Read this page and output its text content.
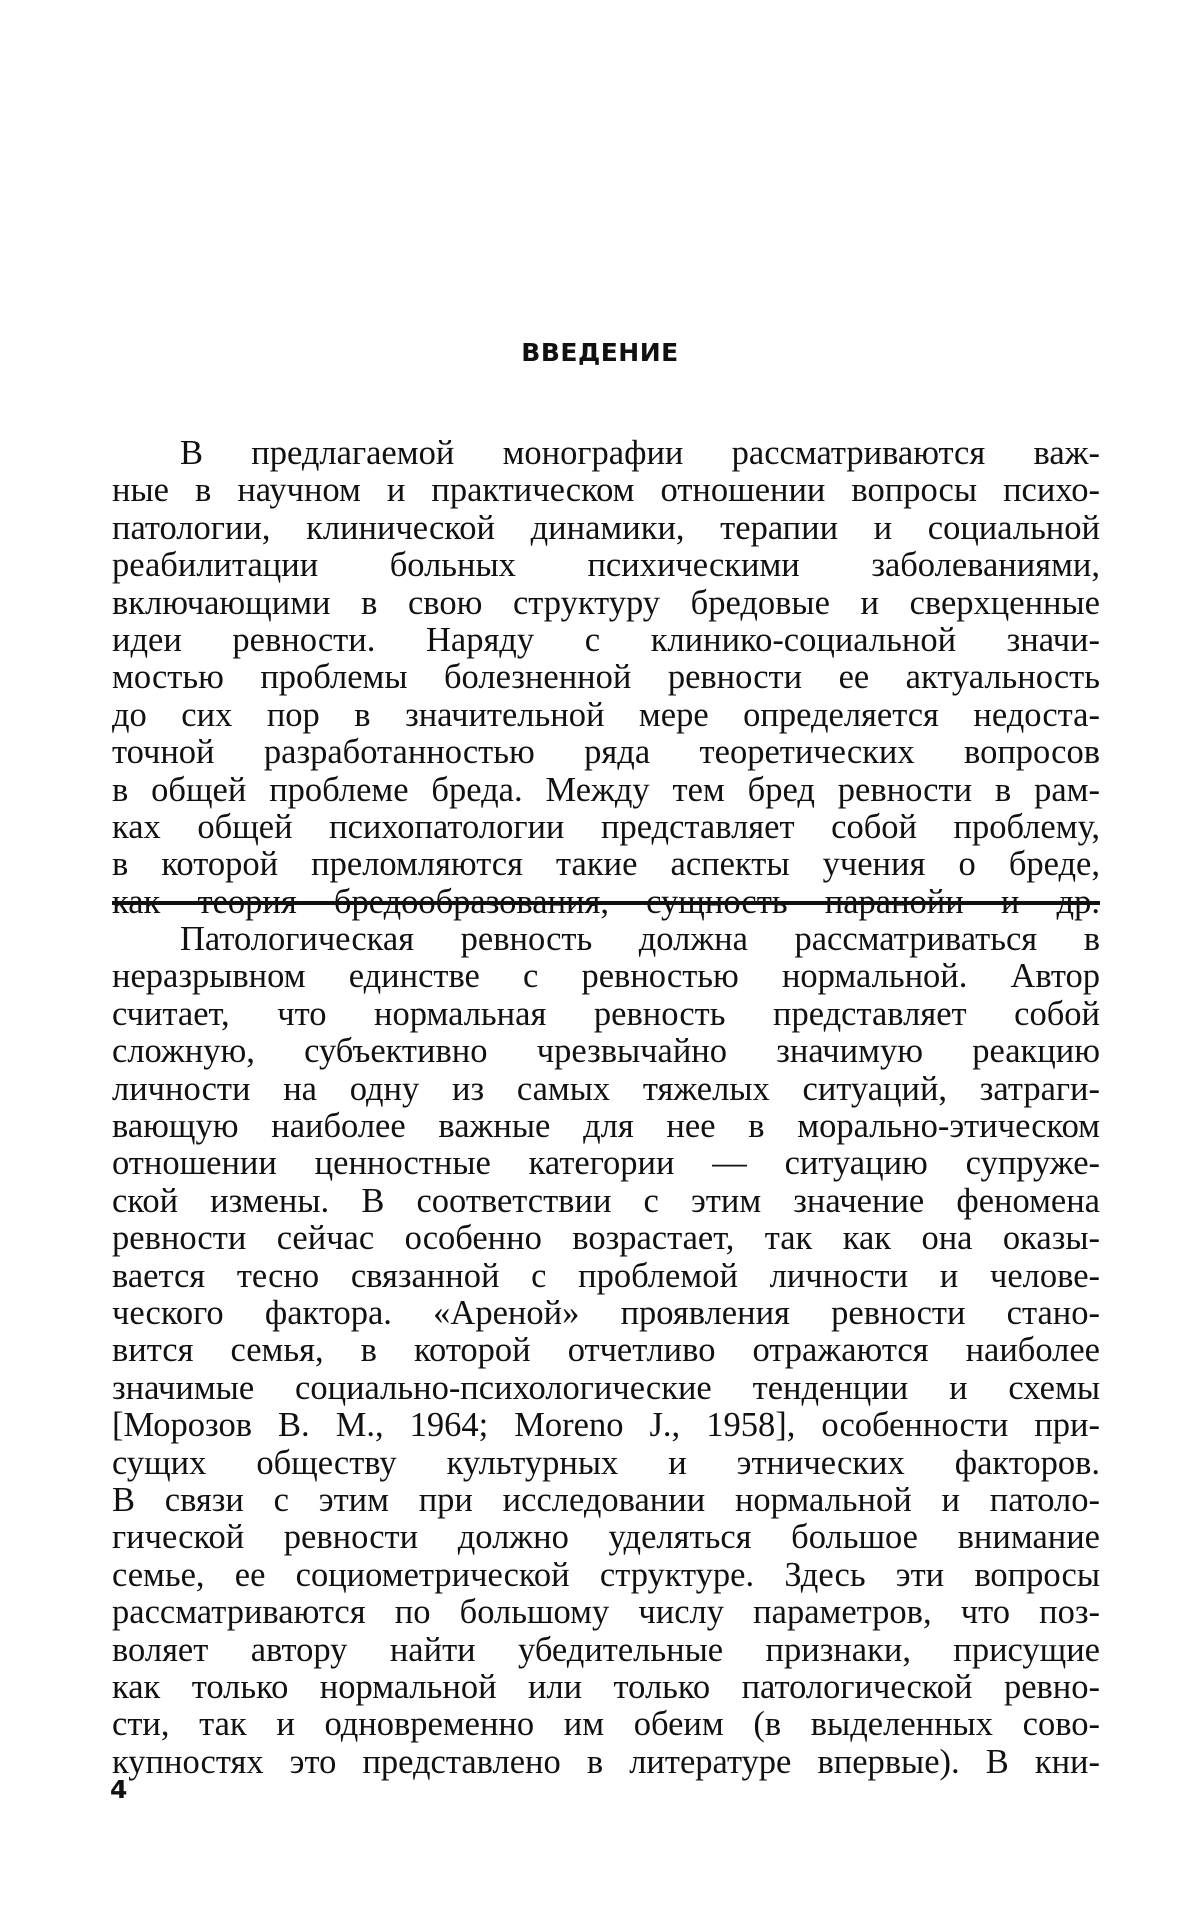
ВВЕДЕНИЕ
В предлагаемой монографии рассматриваются важ-
ные в научном и практическом отношении вопросы психо-
патологии, клинической динамики, терапии и социальной
реабилитации больных психическими заболеваниями,
включающими в свою структуру бредовые и сверхценные
идеи ревности. Наряду с клинико-социальной значи-
мостью проблемы болезненной ревности ее актуальность
до сих пор в значительной мере определяется недоста-
точной разработанностью ряда теоретических вопросов
в общей проблеме бреда. Между тем бред ревности в рам-
ках общей психопатологии представляет собой проблему,
в которой преломляются такие аспекты учения о бреде,
как теория бредообразования, сущность паранойи и др.
Патологическая ревность должна рассматриваться в
неразрывном единстве с ревностью нормальной. Автор
считает, что нормальная ревность представляет собой
сложную, субъективно чрезвычайно значимую реакцию
личности на одну из самых тяжелых ситуаций, затраги-
вающую наиболее важные для нее в морально-этическом
отношении ценностные категории — ситуацию супруже-
ской измены. В соответствии с этим значение феномена
ревности сейчас особенно возрастает, так как она оказы-
вается тесно связанной с проблемой личности и челове-
ческого фактора. «Ареной» проявления ревности стано-
вится семья, в которой отчетливо отражаются наиболее
значимые социально-психологические тенденции и схемы
[Морозов В. М., 1964; Moreno J., 1958], особенности при-
сущих обществу культурных и этнических факторов.
В связи с этим при исследовании нормальной и патоло-
гической ревности должно уделяться большое внимание
семье, ее социометрической структуре. Здесь эти вопросы
рассматриваются по большому числу параметров, что поз-
воляет автору найти убедительные признаки, присущие
как только нормальной или только патологической ревно-
сти, так и одновременно им обеим (в выделенных сово-
купностях это представлено в литературе впервые). В кни-
4
